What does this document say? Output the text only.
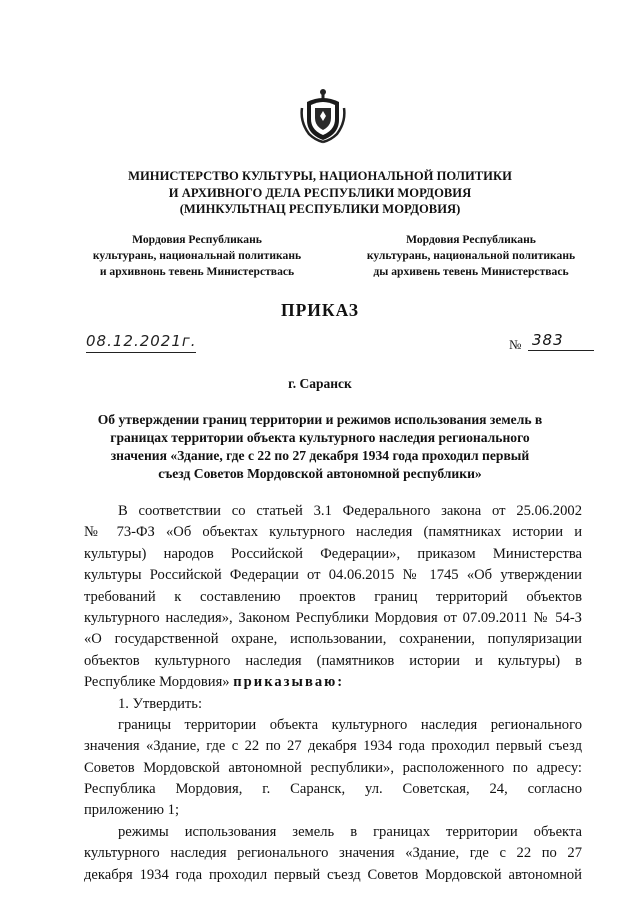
МИНИСТЕРСТВО КУЛЬТУРЫ, НАЦИОНАЛЬНОЙ ПОЛИТИКИ
И АРХИВНОГО ДЕЛА РЕСПУБЛИКИ МОРДОВИЯ
(МИНКУЛЬТНАЦ РЕСПУБЛИКИ МОРДОВИЯ)
Мордовия Республикань
культурань, национальнай политикань
и архивнонь тевень Министерствась
Мордовия Республикань
культурань, национальной политикань
ды архивень тевень Министерствась
ПРИКАЗ
08.12.2021г.	№ 383
г. Саранск
Об утверждении границ территории и режимов использования земель в
границах территории объекта культурного наследия регионального
значения «Здание, где с 22 по 27 декабря 1934 года проходил первый
съезд Советов Мордовской автономной республики»
В соответствии со статьей 3.1 Федерального закона от 25.06.2002
№ 73-ФЗ «Об объектах культурного наследия (памятниках истории и
культуры) народов Российской Федерации», приказом Министерства
культуры Российской Федерации от 04.06.2015 № 1745 «Об утверждении
требований к составлению проектов границ территорий объектов
культурного наследия», Законом Республики Мордовия от 07.09.2011 № 54-З
«О государственной охране, использовании, сохранении, популяризации
объектов культурного наследия (памятников истории и культуры) в
Республике Мордовия» приказываю:
1. Утвердить:
границы территории объекта культурного наследия регионального
значения «Здание, где с 22 по 27 декабря 1934 года проходил первый съезд
Советов Мордовской автономной республики», расположенного по адресу:
Республика Мордовия, г. Саранск, ул. Советская, 24, согласно
приложению 1;
режимы использования земель в границах территории объекта
культурного наследия регионального значения «Здание, где с 22 по 27
декабря 1934 года проходил первый съезд Советов Мордовской автономной
